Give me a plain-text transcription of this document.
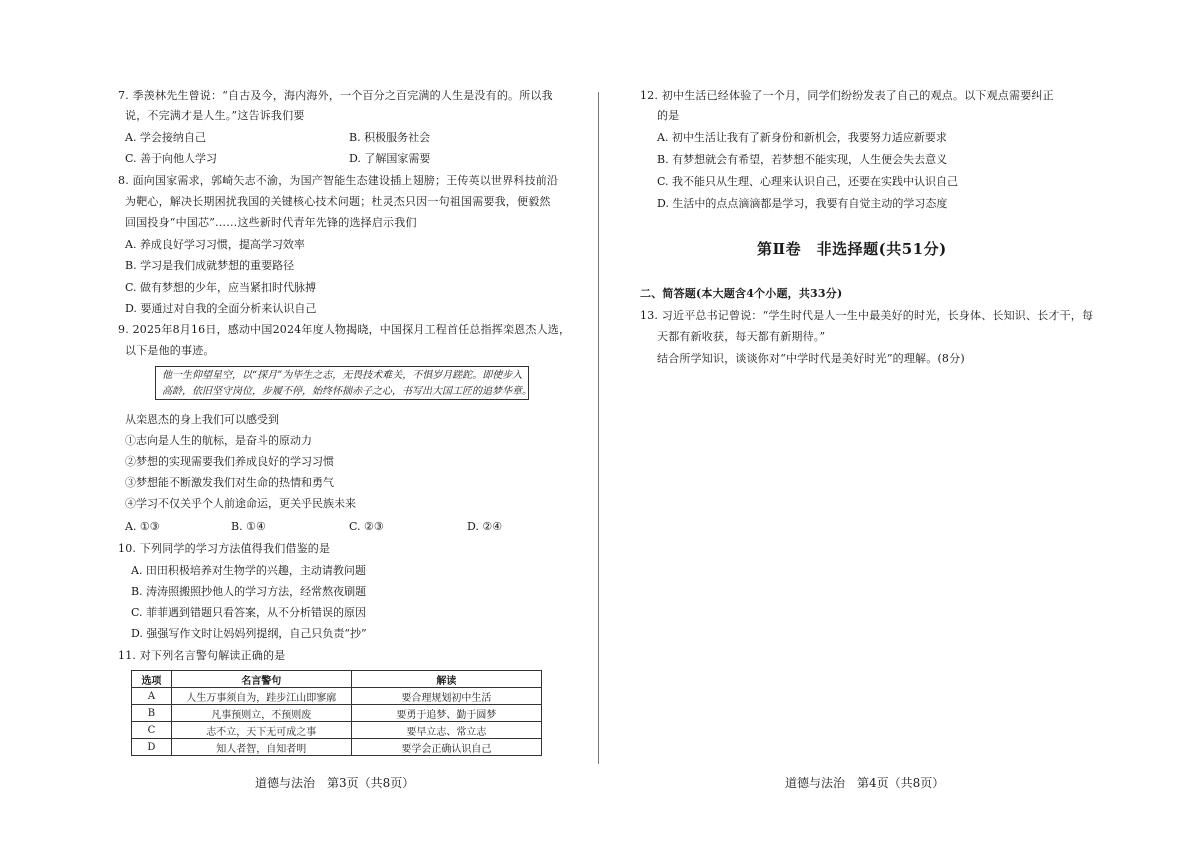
7. 季羡林先生曾说：“自古及今，海内海外，一个百分之百完满的人生是没有的。所以我
说，不完满才是人生。”这告诉我们要
A. 学会接纳自己	B. 积极服务社会
C. 善于向他人学习	D. 了解国家需要
8. 面向国家需求，郭崎矢志不渝，为国产智能生态建设插上翅膀；王传英以世界科技前沿
为靶心，解决长期困扰我国的关键核心技术问题；杜灵杰只因一句祖国需要我，便毅然
回国投身“中国芯”……这些新时代青年先锋的选择启示我们
A. 养成良好学习习惯，提高学习效率
B. 学习是我们成就梦想的重要路径
C. 做有梦想的少年，应当紧扣时代脉搏
D. 要通过对自我的全面分析来认识自己
9. 2025年8月16日，感动中国2024年度人物揭晓，中国探月工程首任总指挥栾恩杰人选，
以下是他的事迹。
他一生仰望星空，以“探月”为毕生之志，无畏技术难关，不惧岁月蹉跎。即使步入
高龄，依旧坚守岗位，步履不停，始终怀揣赤子之心，书写出大国工匠的追梦华章。
从栾恩杰的身上我们可以感受到
①志向是人生的航标，是奋斗的原动力
②梦想的实现需要我们养成良好的学习习惯
③梦想能不断激发我们对生命的热情和勇气
④学习不仅关乎个人前途命运，更关乎民族未来
A. ①③	B. ①④	C. ②③	D. ②④
10. 下列同学的学习方法值得我们借鉴的是
A. 田田积极培养对生物学的兴趣，主动请教问题
B. 涛涛照搬照抄他人的学习方法，经常熬夜刷题
C. 菲菲遇到错题只看答案，从不分析错误的原因
D. 强强写作文时让妈妈列提纲，自己只负责“抄”
11. 对下列名言警句解读正确的是
选项	名言警句	解读
A	人生万事须自为，跬步江山即寥廓	要合理规划初中生活
B	凡事预则立，不预则废	要勇于追梦、勤于圆梦
C	志不立，天下无可成之事	要早立志、常立志
D	知人者智，自知者明	要学会正确认识自己
道德与法治　第3页（共8页）
12. 初中生活已经体验了一个月，同学们纷纷发表了自己的观点。以下观点需要纠正
的是
A. 初中生活让我有了新身份和新机会，我要努力适应新要求
B. 有梦想就会有希望，若梦想不能实现，人生便会失去意义
C. 我不能只从生理、心理来认识自己，还要在实践中认识自己
D. 生活中的点点滴滴都是学习，我要有自觉主动的学习态度
第Ⅱ卷　非选择题(共51分)
二、简答题(本大题含4个小题，共33分)
13. 习近平总书记曾说：“学生时代是人一生中最美好的时光，长身体、长知识、长才干，每
天都有新收获，每天都有新期待。”
结合所学知识，谈谈你对“中学时代是美好时光”的理解。(8分)
道德与法治　第4页（共8页）
